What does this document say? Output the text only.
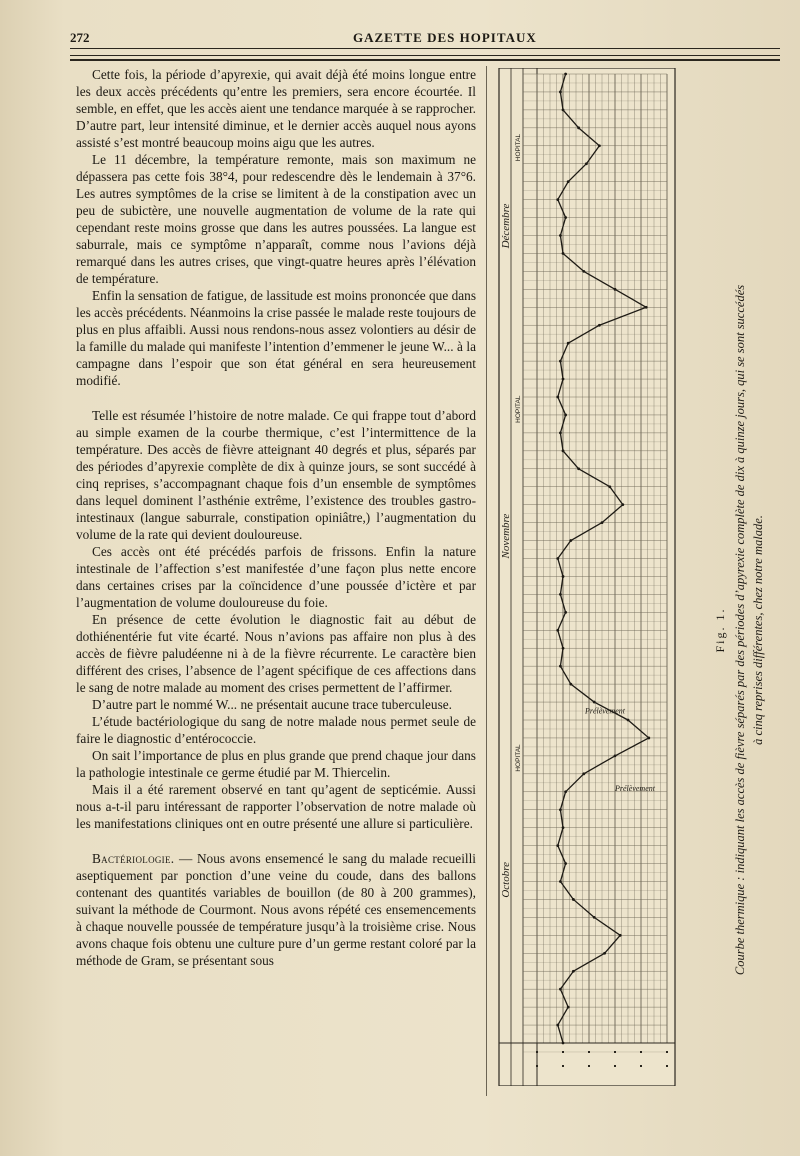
272	GAZETTE DES HOPITAUX

Cette fois, la période d’apyrexie, qui avait déjà été moins longue entre les deux accès précédents qu’entre les premiers, sera encore écourtée. Il semble, en effet, que les accès aient une tendance marquée à se rapprocher. D’autre part, leur intensité diminue, et le dernier accès auquel nous ayons assisté s’est montré beaucoup moins aigu que les autres.

Le 11 décembre, la température remonte, mais son maximum ne dépassera pas cette fois 38°4, pour redescendre dès le lendemain à 37°6. Les autres symptômes de la crise se limitent à de la constipation avec un peu de subictère, une nouvelle augmentation de volume de la rate qui cependant reste moins grosse que dans les autres poussées. La langue est saburrale, mais ce symptôme n’apparaît, comme nous l’avions déjà remarqué dans les autres crises, que vingt-quatre heures après l’élévation de température.

Enfin la sensation de fatigue, de lassitude est moins prononcée que dans les accès précédents. Néanmoins la crise passée le malade reste toujours de plus en plus affaibli. Aussi nous rendons-nous assez volontiers au désir de la famille du malade qui manifeste l’intention d’emmener le jeune W... à la campagne dans l’espoir que son état général en sera heureusement modifié.

Telle est résumée l’histoire de notre malade. Ce qui frappe tout d’abord au simple examen de la courbe thermique, c’est l’intermittence de la température. Des accès de fièvre atteignant 40 degrés et plus, séparés par des périodes d’apyrexie complète de dix à quinze jours, se sont succédé à cinq reprises, s’accompagnant chaque fois d’un ensemble de symptômes dans lequel dominent l’asthénie extrême, l’existence des troubles gastro-intestinaux (langue saburrale, constipation opiniâtre,) l’augmentation du volume de la rate qui devient douloureuse.

Ces accès ont été précédés parfois de frissons. Enfin la nature intestinale de l’affection s’est manifestée d’une façon plus nette encore dans certaines crises par la coïncidence d’une poussée d’ictère et par l’augmentation de volume douloureuse du foie.

En présence de cette évolution le diagnostic fait au début de dothiénentérie fut vite écarté. Nous n’avions pas affaire non plus à des accès de fièvre paludéenne ni à de la fièvre récurrente. Le caractère bien différent des crises, l’absence de l’agent spécifique de ces affections dans le sang de notre malade au moment des crises permettent de l’affirmer.

D’autre part le nommé W... ne présentait aucune trace tuberculeuse.

L’étude bactériologique du sang de notre malade nous permet seule de faire le diagnostic d’entérococcie.

On sait l’importance de plus en plus grande que prend chaque jour dans la pathologie intestinale ce germe étudié par M. Thiercelin.

Mais il a été rarement observé en tant qu’agent de septicémie. Aussi nous a-t-il paru intéressant de rapporter l’observation de notre malade où les manifestations cliniques ont en outre présenté une allure si particulière.

Bactériologie. — Nous avons ensemencé le sang du malade recueilli aseptiquement par ponction d’une veine du coude, dans des ballons contenant des quantités variables de bouillon (de 80 à 200 grammes), suivant la méthode de Courmont. Nous avons répété ces ensemencements à chaque nouvelle poussée de température jusqu’à la troisième crise. Nous avons chaque fois obtenu une culture pure d’un germe restant coloré par la méthode de Gram, se présentant sous

Octobre
Novembre
Décembre
HOPITAL
HOPITAL
HOPITAL
Prélèvement
Prélèvement
Fig. 1. Courbe thermique : indiquant les accès de fièvre séparés par des périodes d’apyrexie complète de dix à quinze jours, qui se sont succédés à cinq reprises différentes, chez notre malade.
